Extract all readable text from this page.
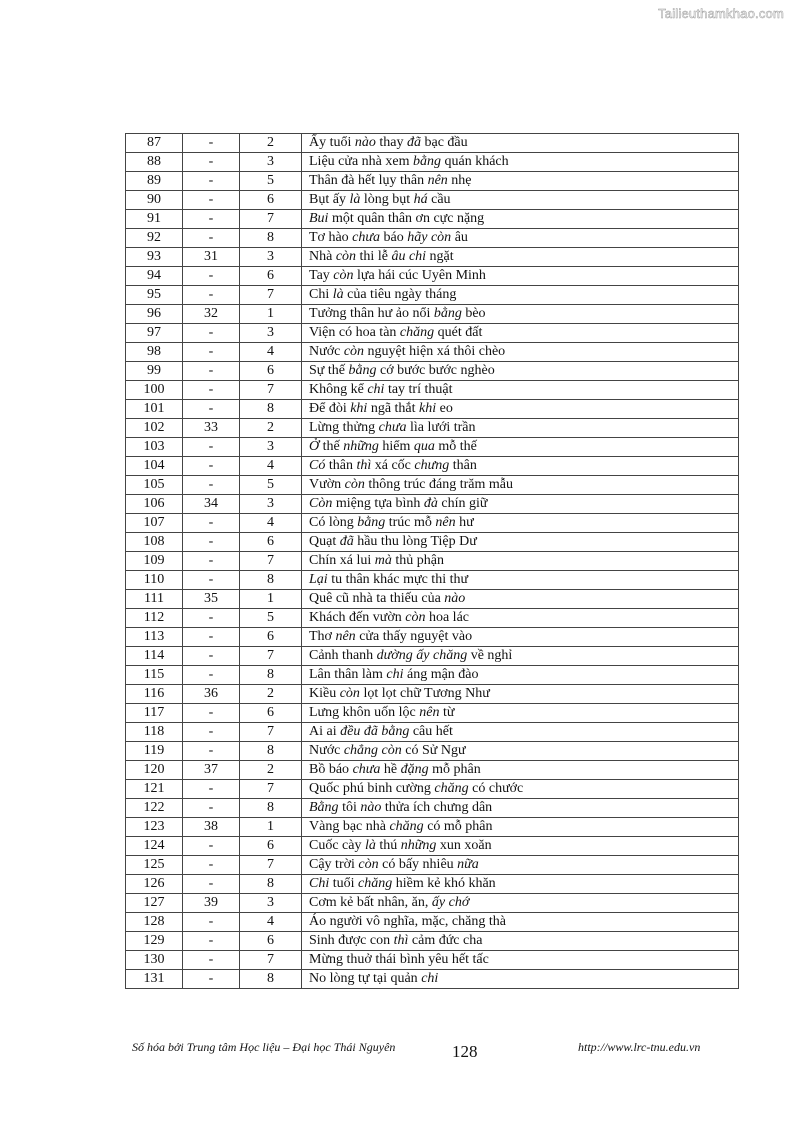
Tailieuthamkhao.com
87	-	2	Ấy tuổi nào thay đã bạc đầu
88	-	3	Liệu cửa nhà xem bằng quán khách
89	-	5	Thân đà hết lụy thân nên nhẹ
90	-	6	Bụt ấy là lòng bụt há cầu
91	-	7	Bui một quân thân ơn cực nặng
92	-	8	Tơ hào chưa báo hãy còn âu
93	31	3	Nhà còn thi lễ âu chi ngặt
94	-	6	Tay còn lựa hái cúc Uyên Minh
95	-	7	Chi là của tiêu ngày tháng
96	32	1	Tưởng thân hư ảo nổi bằng bèo
97	-	3	Viện có hoa tàn chăng quét đất
98	-	4	Nước còn nguyệt hiện xá thôi chèo
99	-	6	Sự thế bằng cớ bước bước nghèo
100	-	7	Không kể chi tay trí thuật
101	-	8	Để đòi khi ngã thắt khi eo
102	33	2	Lừng thửng chưa lìa lưới trần
103	-	3	Ở thế những hiểm qua mỗ thế
104	-	4	Có thân thì xá cốc chưng thân
105	-	5	Vườn còn thông trúc đáng trăm mẫu
106	34	3	Còn miệng tựa bình đà chín giữ
107	-	4	Có lòng bằng trúc mỗ nên hư
108	-	6	Quạt đã hầu thu lòng Tiệp Dư
109	-	7	Chín xá lui mà thủ phận
110	-	8	Lại tu thân khác mực thi thư
111	35	1	Quê cũ nhà ta thiếu của nào
112	-	5	Khách đến vườn còn hoa lác
113	-	6	Thơ nên cửa thấy nguyệt vào
114	-	7	Cảnh thanh dường ấy chăng về nghỉ
115	-	8	Lân thân làm chi áng mận đào
116	36	2	Kiều còn lọt lọt chữ Tương Như
117	-	6	Lưng khôn uốn lộc nên từ
118	-	7	Ai ai đều đã bằng câu hết
119	-	8	Nước chẳng còn có Sử Ngư
120	37	2	Bồ báo chưa hề đặng mỗ phân
121	-	7	Quốc phú binh cường chăng có chước
122	-	8	Bằng tôi nào thửa ích chưng dân
123	38	1	Vàng bạc nhà chăng có mỗ phân
124	-	6	Cuốc cày là thú những xun xoăn
125	-	7	Cậy trời còn có bấy nhiêu nữa
126	-	8	Chi tuổi chăng hiềm kẻ khó khăn
127	39	3	Cơm kẻ bất nhân, ăn, ấy chớ
128	-	4	Áo người vô nghĩa, mặc, chăng thà
129	-	6	Sinh được con thì cảm đức cha
130	-	7	Mừng thuở thái bình yêu hết tấc
131	-	8	No lòng tự tại quản chi
Số hóa bởi Trung tâm Học liệu – Đại học Thái Nguyên	128	http://www.lrc-tnu.edu.vn
